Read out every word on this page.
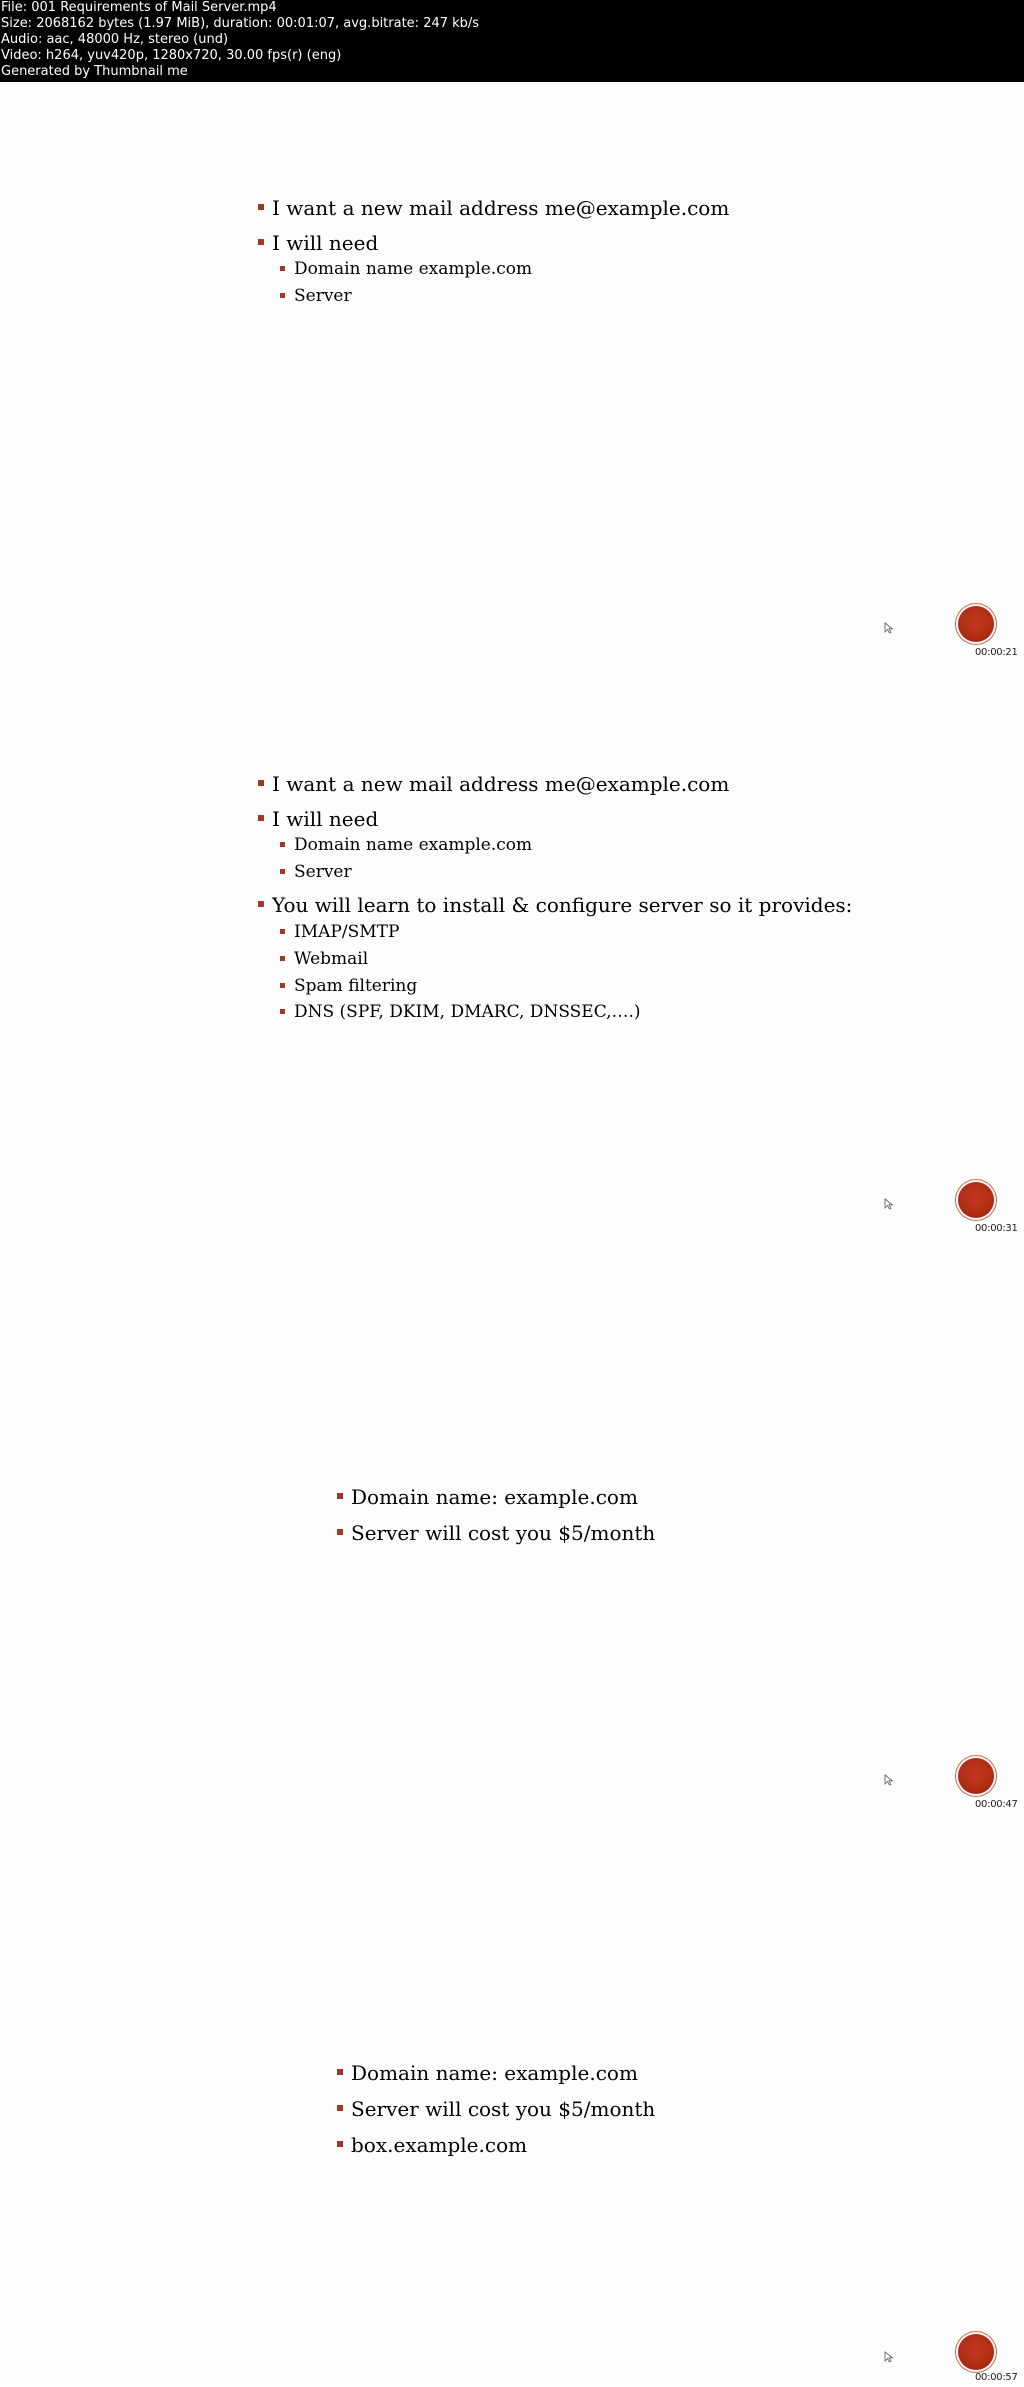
File: 001 Requirements of Mail Server.mp4
Size: 2068162 bytes (1.97 MiB), duration: 00:01:07, avg.bitrate: 247 kb/s
Audio: aac, 48000 Hz, stereo (und)
Video: h264, yuv420p, 1280x720, 30.00 fps(r) (eng)
Generated by Thumbnail me
I want a new mail address me@example.com
I will need
Domain name example.com
Server
00:00:21
I want a new mail address me@example.com
I will need
Domain name example.com
Server
You will learn to install & configure server so it provides:
IMAP/SMTP
Webmail
Spam filtering
DNS (SPF, DKIM, DMARC, DNSSEC,….)
00:00:31
Domain name: example.com
Server will cost you $5/month
00:00:47
Domain name: example.com
Server will cost you $5/month
box.example.com
00:00:57
